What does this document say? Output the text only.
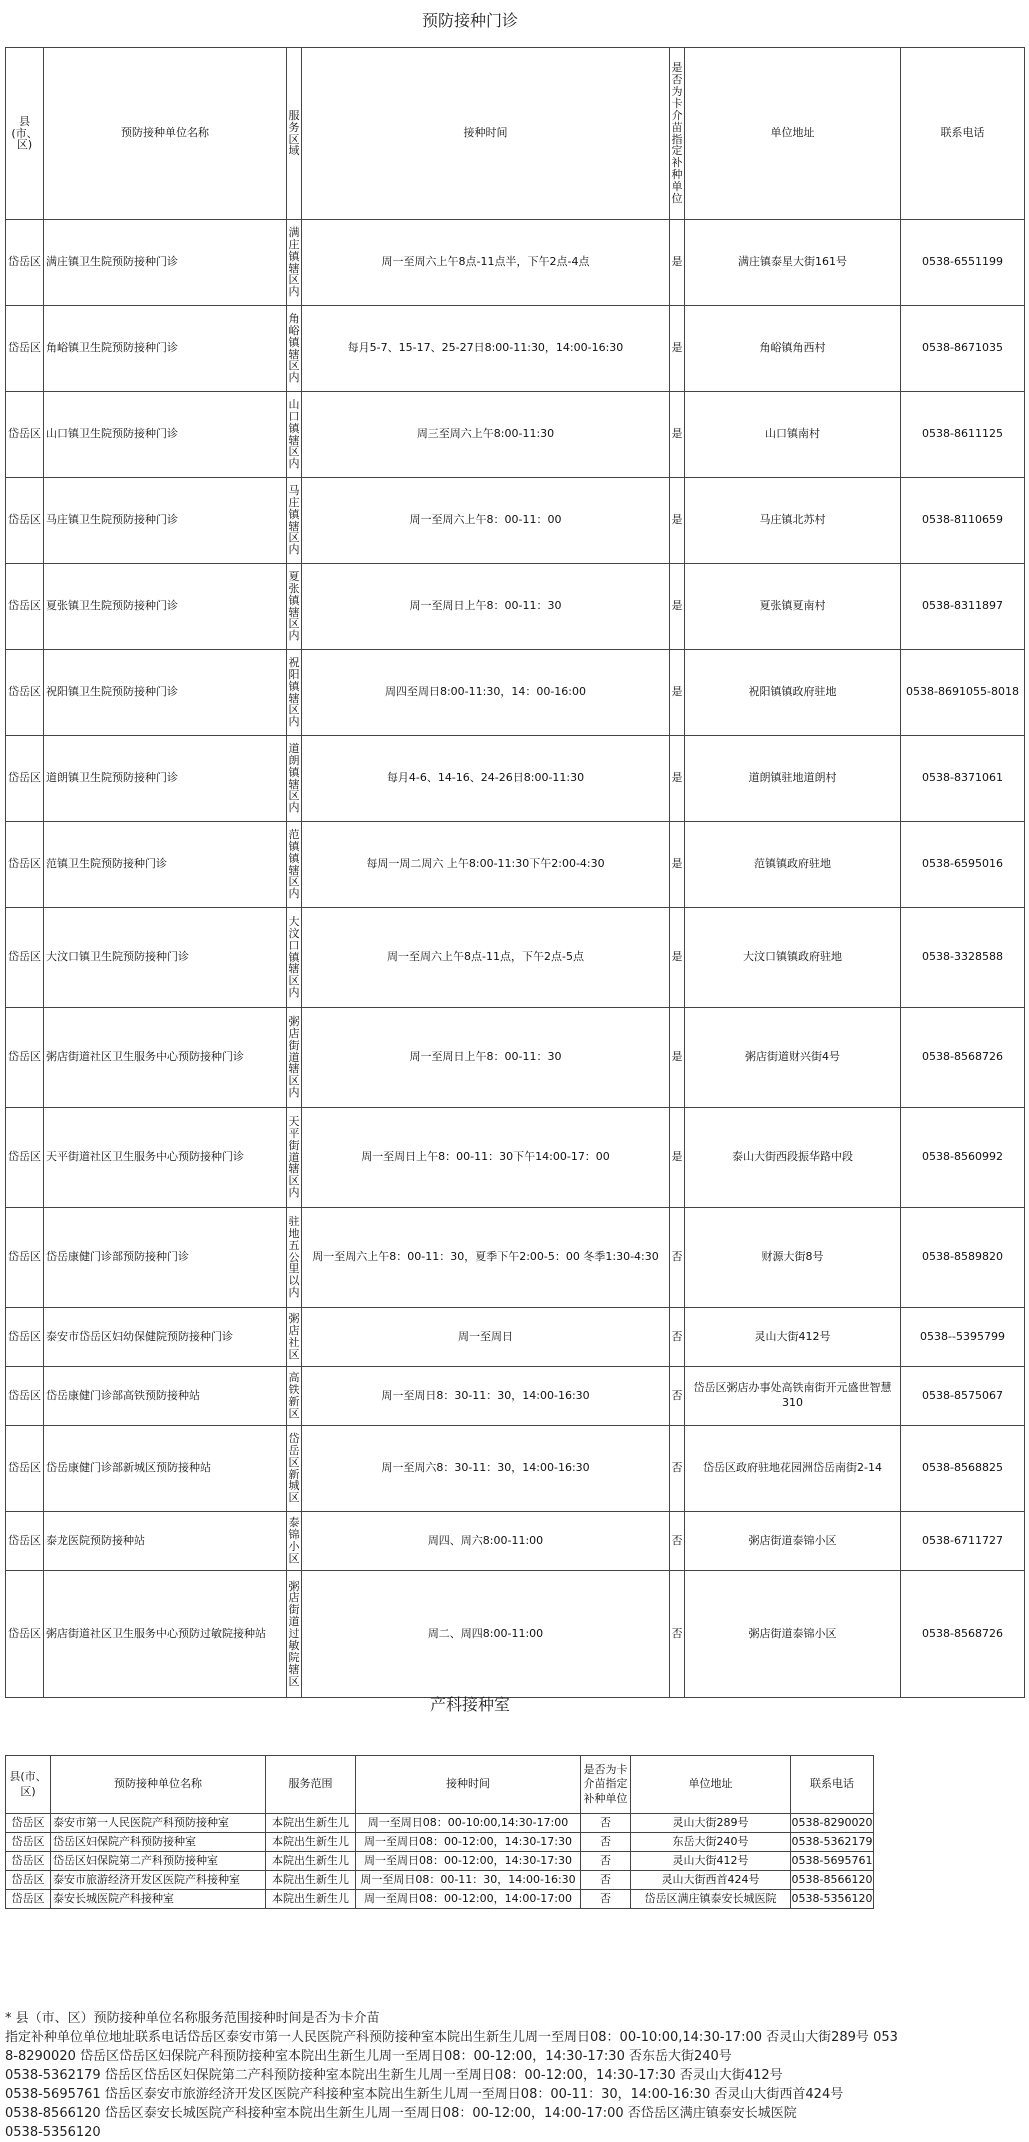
预防接种门诊
县(市、区)	预防接种单位名称	服务区域	接种时间	是否为卡介苗指定补种单位	单位地址	联系电话
岱岳区	满庄镇卫生院预防接种门诊	满庄镇辖区内	周一至周六上午8点-11点半，下午2点-4点	是	满庄镇泰星大街161号	0538-6551199
岱岳区	角峪镇卫生院预防接种门诊	角峪镇辖区内	每月5-7、15-17、25-27日8:00-11:30，14:00-16:30	是	角峪镇角西村	0538-8671035
岱岳区	山口镇卫生院预防接种门诊	山口镇辖区内	周三至周六上午8:00-11:30	是	山口镇南村	0538-8611125
岱岳区	马庄镇卫生院预防接种门诊	马庄镇辖区内	周一至周六上午8：00-11：00	是	马庄镇北苏村	0538-8110659
岱岳区	夏张镇卫生院预防接种门诊	夏张镇辖区内	周一至周日上午8：00-11：30	是	夏张镇夏南村	0538-8311897
岱岳区	祝阳镇卫生院预防接种门诊	祝阳镇辖区内	周四至周日8:00-11:30，14：00-16:00	是	祝阳镇镇政府驻地	0538-8691055-8018
岱岳区	道朗镇卫生院预防接种门诊	道朗镇辖区内	每月4-6、14-16、24-26日8:00-11:30	是	道朗镇驻地道朗村	0538-8371061
岱岳区	范镇卫生院预防接种门诊	范镇镇辖区内	每周一周二周六 上午8:00-11:30下午2:00-4:30	是	范镇镇政府驻地	0538-6595016
岱岳区	大汶口镇卫生院预防接种门诊	大汶口镇辖区内	周一至周六上午8点-11点，下午2点-5点	是	大汶口镇镇政府驻地	0538-3328588
岱岳区	粥店街道社区卫生服务中心预防接种门诊	粥店街道辖区内	周一至周日上午8：00-11：30	是	粥店街道财兴街4号	0538-8568726
岱岳区	天平街道社区卫生服务中心预防接种门诊	天平街道辖区内	周一至周日上午8：00-11：30下午14:00-17：00	是	泰山大街西段振华路中段	0538-8560992
岱岳区	岱岳康健门诊部预防接种门诊	驻地五公里以内	周一至周六上午8：00-11：30，夏季下午2:00-5：00 冬季1:30-4:30	否	财源大街8号	0538-8589820
岱岳区	泰安市岱岳区妇幼保健院预防接种门诊	粥店社区	周一至周日	否	灵山大街412号	0538--5395799
岱岳区	岱岳康健门诊部高铁预防接种站	高铁新区	周一至周日8：30-11：30，14:00-16:30	否	岱岳区粥店办事处高铁南街开元盛世智慧310	0538-8575067
岱岳区	岱岳康健门诊部新城区预防接种站	岱岳区新城区	周一至周六8：30-11：30，14:00-16:30	否	岱岳区政府驻地花园洲岱岳南街2-14	0538-8568825
岱岳区	泰龙医院预防接种站	泰锦小区	周四、周六8:00-11:00	否	粥店街道泰锦小区	0538-6711727
岱岳区	粥店街道社区卫生服务中心预防过敏院接种站	粥店街道过敏院辖区	周二、周四8:00-11:00	否	粥店街道泰锦小区	0538-8568726
产科接种室
县(市、区)	预防接种单位名称	服务范围	接种时间	是否为卡介苗指定补种单位	单位地址	联系电话
岱岳区	泰安市第一人民医院产科预防接种室	本院出生新生儿	周一至周日08：00-10:00,14:30-17:00	否	灵山大街289号	0538-8290020
岱岳区	岱岳区妇保院产科预防接种室	本院出生新生儿	周一至周日08：00-12:00，14:30-17:30	否	东岳大街240号	0538-5362179
岱岳区	岱岳区妇保院第二产科预防接种室	本院出生新生儿	周一至周日08：00-12:00，14:30-17:30	否	灵山大街412号	0538-5695761
岱岳区	泰安市旅游经济开发区医院产科接种室	本院出生新生儿	周一至周日08：00-11：30，14:00-16:30	否	灵山大街西首424号	0538-8566120
岱岳区	泰安长城医院产科接种室	本院出生新生儿	周一至周日08：00-12:00，14:00-17:00	否	岱岳区满庄镇泰安长城医院	0538-5356120
* 县（市、区）预防接种单位名称服务范围接种时间是否为卡介苗
指定补种单位单位地址联系电话岱岳区泰安市第一人民医院产科预防接种室本院出生新生儿周一至周日08：00-10:00,14:30-17:00 否灵山大街289号 0538-8290020 岱岳区岱岳区妇保院产科预防接种室本院出生新生儿周一至周日08：00-12:00，14:30-17:30 否东岳大街240号
0538-5362179 岱岳区岱岳区妇保院第二产科预防接种室本院出生新生儿周一至周日08：00-12:00，14:30-17:30 否灵山大街412号
0538-5695761 岱岳区泰安市旅游经济开发区医院产科接种室本院出生新生儿周一至周日08：00-11：30，14:00-16:30 否灵山大街西首424号
0538-8566120 岱岳区泰安长城医院产科接种室本院出生新生儿周一至周日08：00-12:00，14:00-17:00 否岱岳区满庄镇泰安长城医院
0538-5356120
